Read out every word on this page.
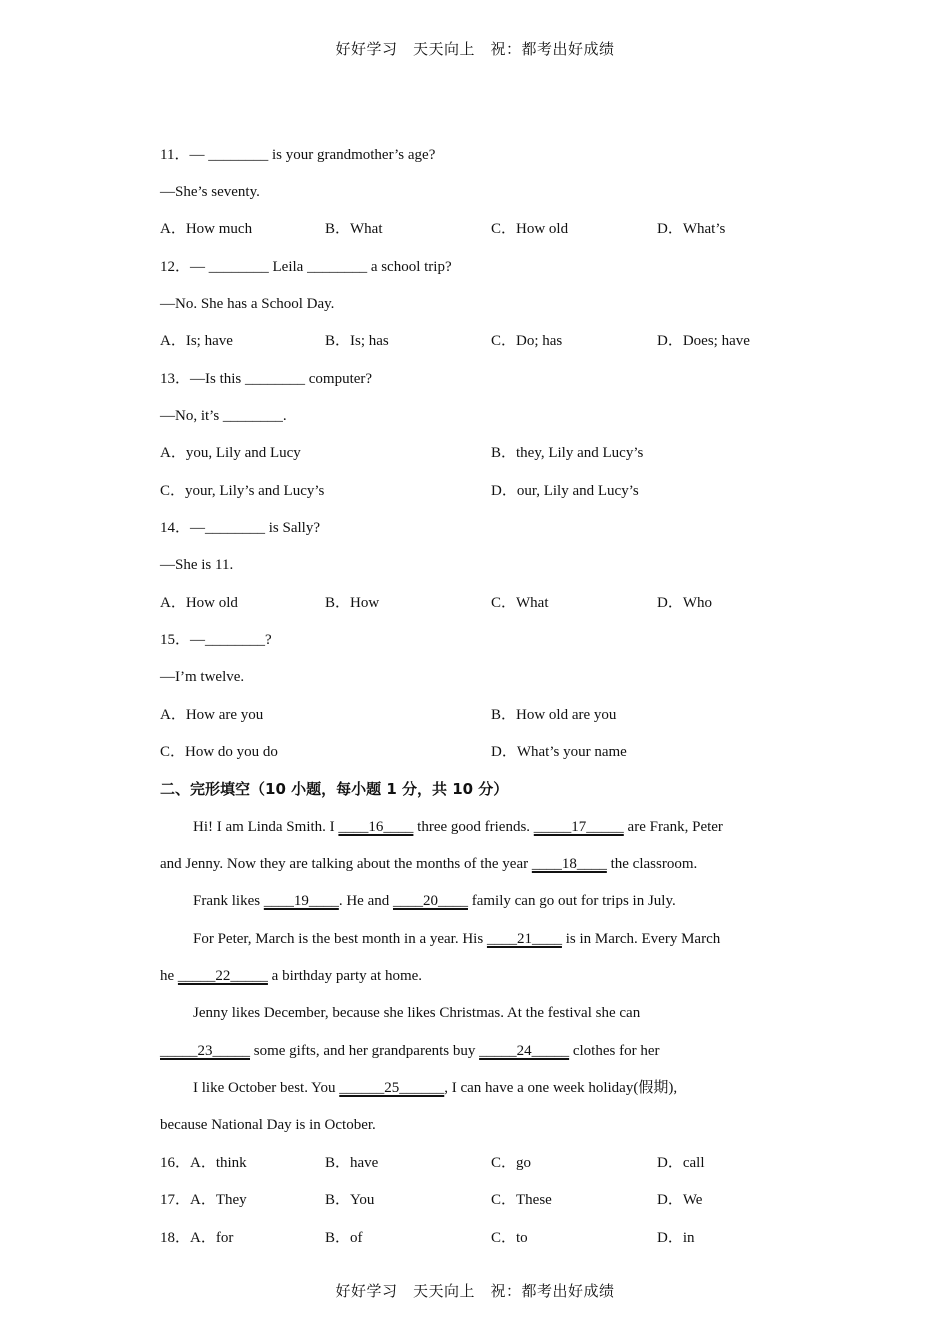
好好学习　天天向上　祝：都考出好成绩
11．— ________ is your grandmother’s age?
—She’s seventy.
A．How much	B．What	C．How old	D．What’s
12．— ________ Leila ________ a school trip?
—No. She has a School Day.
A．Is; have	B．Is; has	C．Do; has	D．Does; have
13．—Is this ________ computer?
—No, it’s ________.
A．you, Lily and Lucy	B．they, Lily and Lucy’s
C．your, Lily’s and Lucy’s	D．our, Lily and Lucy’s
14．—________ is Sally?
—She is 11.
A．How old	B．How	C．What	D．Who
15．—________?
—I’m twelve.
A．How are you	B．How old are you
C．How do you do	D．What’s your name
二、完形填空（10 小题，每小题 1 分，共 10 分）
Hi! I am Linda Smith. I ____16____ three good friends. _____17_____ are Frank, Peter
and Jenny. Now they are talking about the months of the year ____18____ the classroom.
Frank likes ____19____. He and ____20____ family can go out for trips in July.
For Peter, March is the best month in a year. His ____21____ is in March. Every March
he _____22_____ a birthday party at home.
Jenny likes December, because she likes Christmas. At the festival she can
_____23_____ some gifts, and her grandparents buy _____24_____ clothes for her
I like October best. You ______25______, I can have a one week holiday(假期),
because National Day is in October.
16．A．think	B．have	C．go	D．call
17．A．They	B．You	C．These	D．We
18．A．for	B．of	C．to	D．in
好好学习　天天向上　祝：都考出好成绩
